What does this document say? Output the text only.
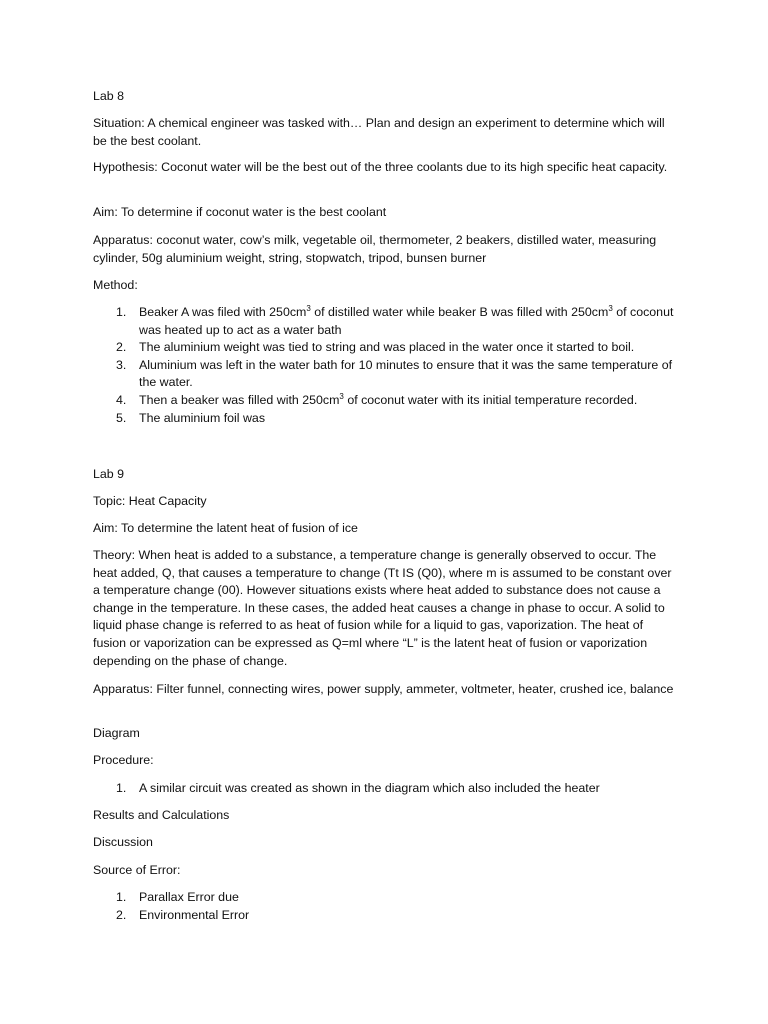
Lab 8

Situation: A chemical engineer was tasked with… Plan and design an experiment to determine which will be the best coolant.

Hypothesis: Coconut water will be the best out of the three coolants due to its high specific heat capacity.

Aim: To determine if coconut water is the best coolant

Apparatus: coconut water, cow’s milk, vegetable oil, thermometer, 2 beakers, distilled water, measuring cylinder, 50g aluminium weight, string, stopwatch, tripod, bunsen burner

Method:

1. Beaker A was filed with $250cm^3$ of distilled water while beaker B was filled with $250cm^3$ of coconut was heated up to act as a water bath
2. The aluminium weight was tied to string and was placed in the water once it started to boil.
3. Aluminium was left in the water bath for 10 minutes to ensure that it was the same temperature of the water.
4. Then a beaker was filled with $250cm^3$ of coconut water with its initial temperature recorded.
5. The aluminium foil was

Lab 9

Topic: Heat Capacity

Aim: To determine the latent heat of fusion of ice

Theory: When heat is added to a substance, a temperature change is generally observed to occur. The heat added, Q, that causes a temperature to change (Tt IS (Q0), where m is assumed to be constant over a temperature change (00). However situations exists where heat added to substance does not cause a change in the temperature. In these cases, the added heat causes a change in phase to occur. A solid to liquid phase change is referred to as heat of fusion while for a liquid to gas, vaporization. The heat of fusion or vaporization can be expressed as Q=ml where “L” is the latent heat of fusion or vaporization depending on the phase of change.

Apparatus: Filter funnel, connecting wires, power supply, ammeter, voltmeter, heater, crushed ice, balance

Diagram

Procedure:

1. A similar circuit was created as shown in the diagram which also included the heater

Results and Calculations

Discussion

Source of Error:

1. Parallax Error due
2. Environmental Error
